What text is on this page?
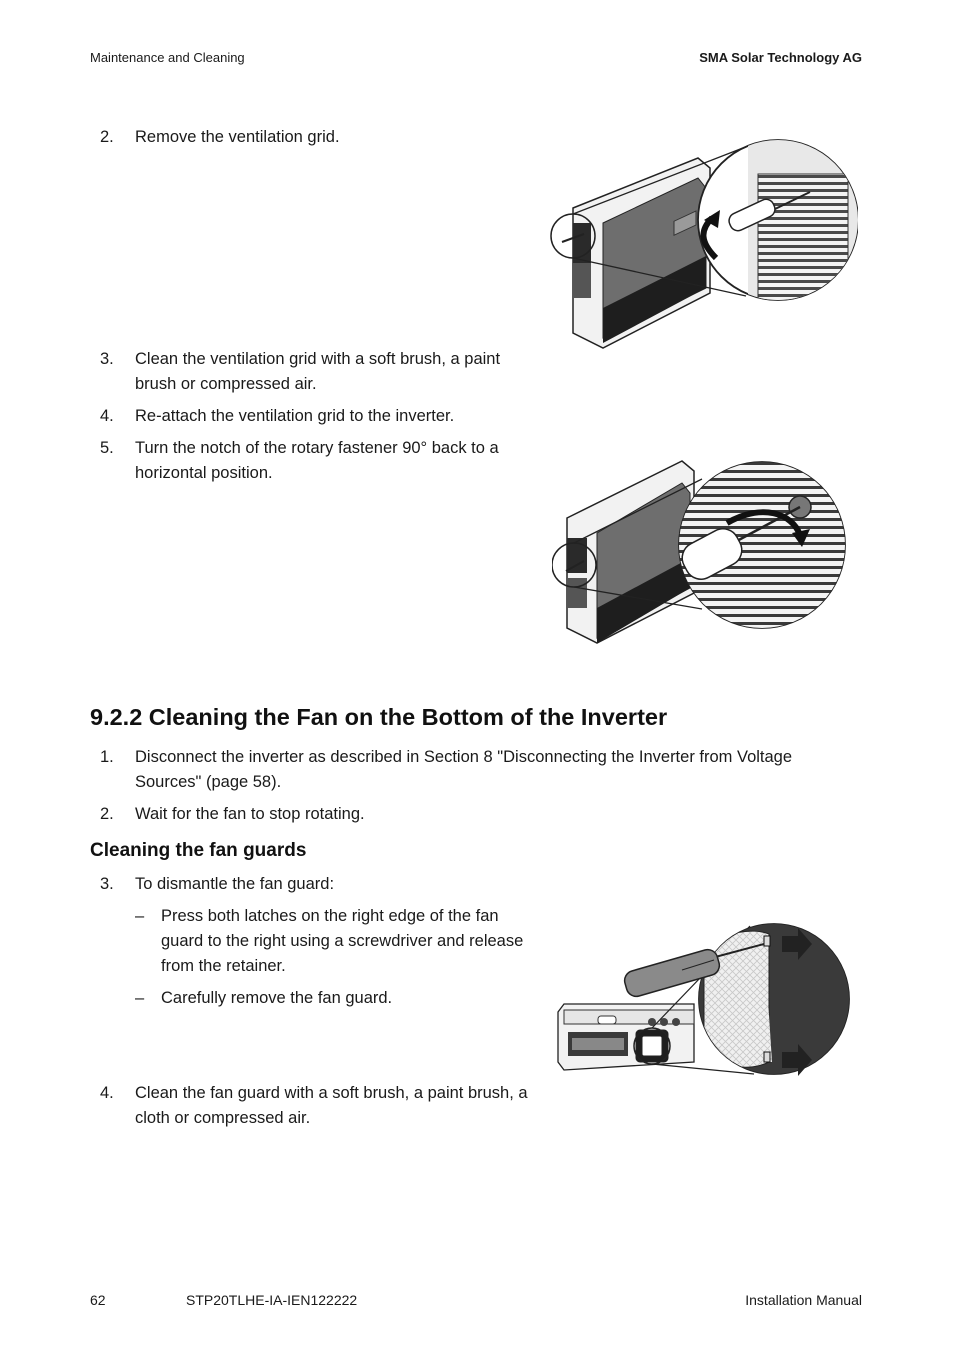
Maintenance and Cleaning	SMA Solar Technology AG
2. Remove the ventilation grid.
3. Clean the ventilation grid with a soft brush, a paint brush or compressed air.
4. Re-attach the ventilation grid to the inverter.
5. Turn the notch of the rotary fastener 90° back to a horizontal position.
9.2.2 Cleaning the Fan on the Bottom of the Inverter
1. Disconnect the inverter as described in Section 8 "Disconnecting the Inverter from Voltage Sources" (page 58).
2. Wait for the fan to stop rotating.
Cleaning the fan guards
3. To dismantle the fan guard:
– Press both latches on the right edge of the fan guard to the right using a screwdriver and release from the retainer.
– Carefully remove the fan guard.
4. Clean the fan guard with a soft brush, a paint brush, a cloth or compressed air.
62	STP20TLHE-IA-IEN122222	Installation Manual
